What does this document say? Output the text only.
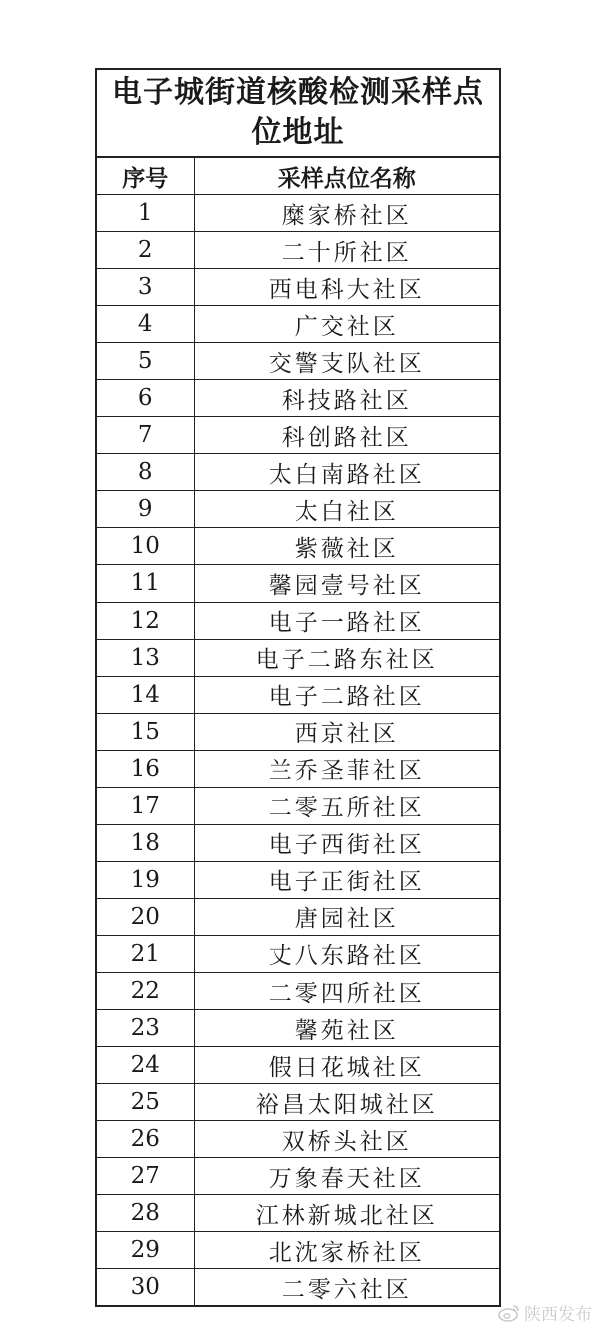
电子城街道核酸检测采样点位地址
序号	采样点位名称
1	糜家桥社区
2	二十所社区
3	西电科大社区
4	广交社区
5	交警支队社区
6	科技路社区
7	科创路社区
8	太白南路社区
9	太白社区
10	紫薇社区
11	馨园壹号社区
12	电子一路社区
13	电子二路东社区
14	电子二路社区
15	西京社区
16	兰乔圣菲社区
17	二零五所社区
18	电子西街社区
19	电子正街社区
20	唐园社区
21	丈八东路社区
22	二零四所社区
23	馨苑社区
24	假日花城社区
25	裕昌太阳城社区
26	双桥头社区
27	万象春天社区
28	江林新城北社区
29	北沈家桥社区
30	二零六社区
陕西发布
